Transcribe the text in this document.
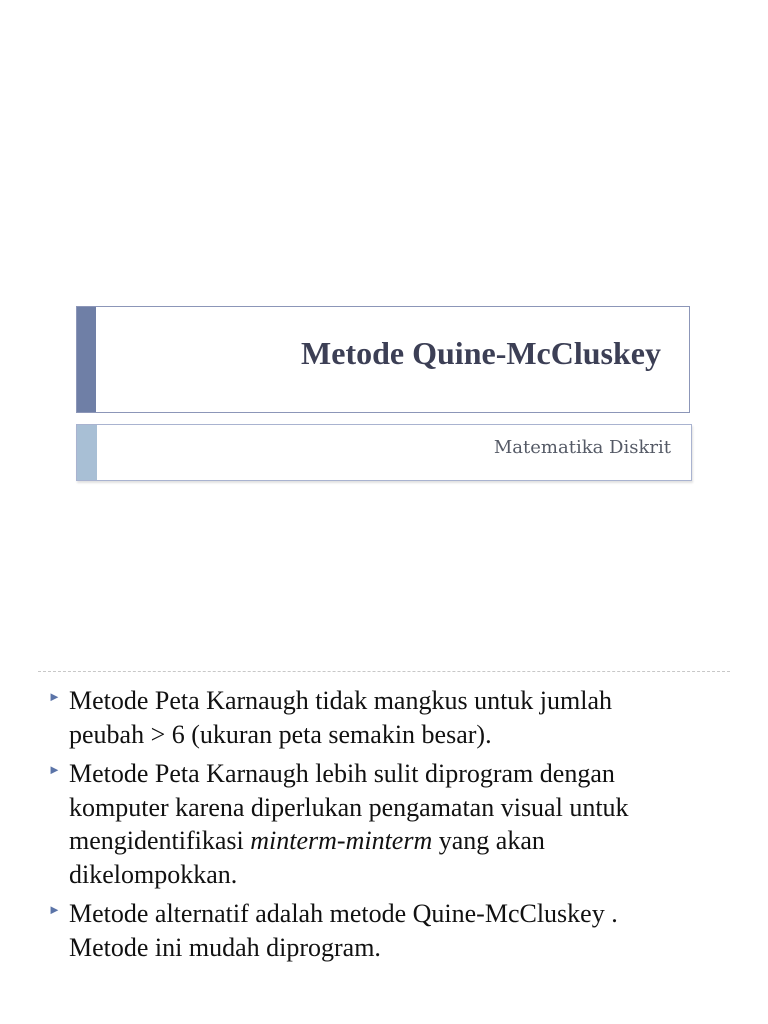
Metode Quine-McCluskey
Matematika Diskrit
► Metode Peta Karnaugh tidak mangkus untuk jumlah
peubah > 6 (ukuran peta semakin besar).
► Metode Peta Karnaugh lebih sulit diprogram dengan
komputer karena diperlukan pengamatan visual untuk
mengidentifikasi minterm-minterm yang akan
dikelompokkan.
► Metode alternatif adalah metode Quine-McCluskey .
Metode ini mudah diprogram.
